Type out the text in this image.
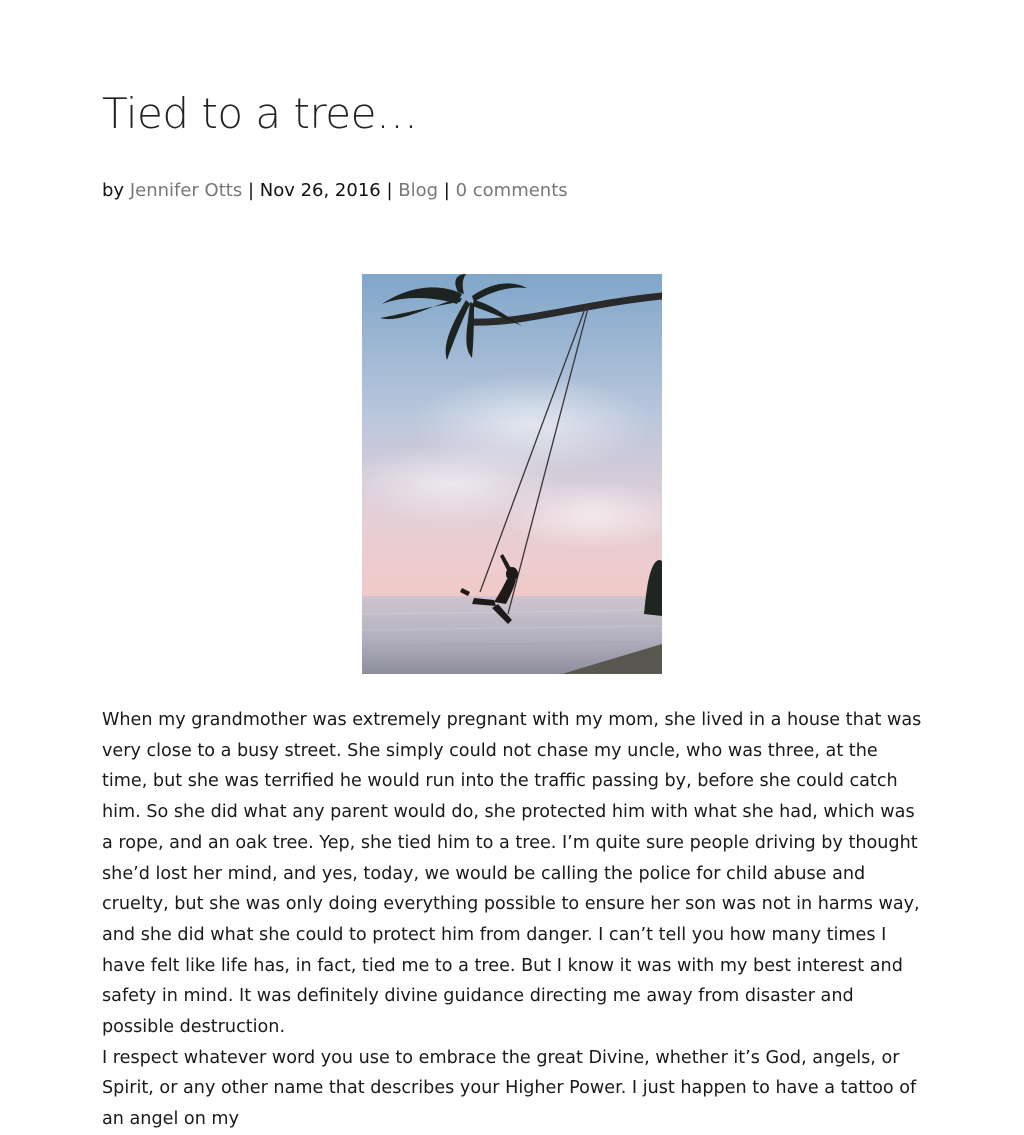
Tied to a tree…
by Jennifer Otts | Nov 26, 2016 | Blog | 0 comments

When my grandmother was extremely pregnant with my mom, she lived in a house that was very close to a busy street. She simply could not chase my uncle, who was three, at the time, but she was terrified he would run into the traffic passing by, before she could catch him. So she did what any parent would do, she protected him with what she had, which was a rope, and an oak tree. Yep, she tied him to a tree. I’m quite sure people driving by thought she’d lost her mind, and yes, today, we would be calling the police for child abuse and cruelty, but she was only doing everything possible to ensure her son was not in harms way, and she did what she could to protect him from danger. I can’t tell you how many times I have felt like life has, in fact, tied me to a tree. But I know it was with my best interest and safety in mind. It was definitely divine guidance directing me away from disaster and possible destruction.

I respect whatever word you use to embrace the great Divine, whether it’s God, angels, or Spirit, or any other name that describes your Higher Power. I just happen to have a tattoo of an angel on my
